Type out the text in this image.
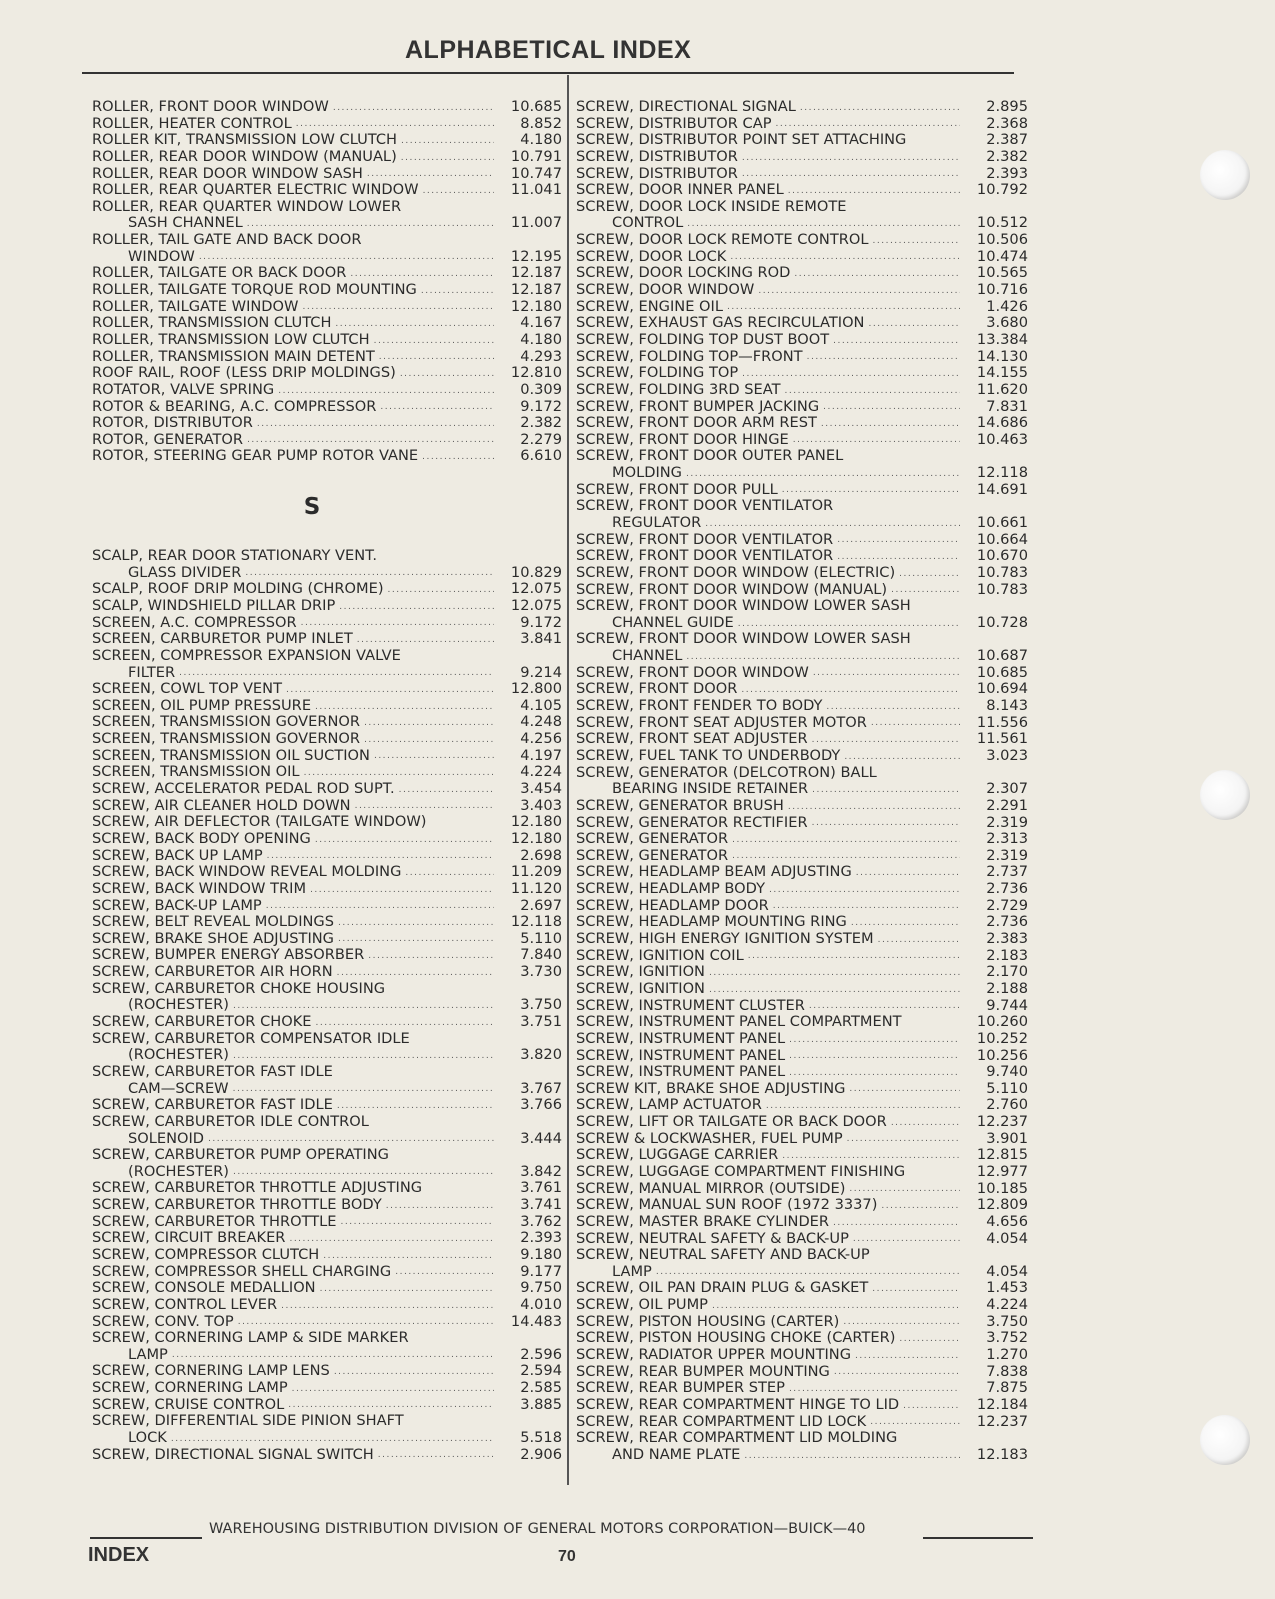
ALPHABETICAL INDEX
ROLLER, FRONT DOOR WINDOW .....	10.685
ROLLER, HEATER CONTROL .....	8.852
ROLLER KIT, TRANSMISSION LOW CLUTCH .....	4.180
ROLLER, REAR DOOR WINDOW (MANUAL) .....	10.791
ROLLER, REAR DOOR WINDOW SASH .....	10.747
ROLLER, REAR QUARTER ELECTRIC WINDOW .....	11.041
ROLLER, REAR QUARTER WINDOW LOWER
SASH CHANNEL .....	11.007
ROLLER, TAIL GATE AND BACK DOOR
WINDOW .....	12.195
ROLLER, TAILGATE OR BACK DOOR .....	12.187
ROLLER, TAILGATE TORQUE ROD MOUNTING .....	12.187
ROLLER, TAILGATE WINDOW .....	12.180
ROLLER, TRANSMISSION CLUTCH .....	4.167
ROLLER, TRANSMISSION LOW CLUTCH .....	4.180
ROLLER, TRANSMISSION MAIN DETENT .....	4.293
ROOF RAIL, ROOF (LESS DRIP MOLDINGS) .....	12.810
ROTATOR, VALVE SPRING .....	0.309
ROTOR & BEARING, A.C. COMPRESSOR .....	9.172
ROTOR, DISTRIBUTOR .....	2.382
ROTOR, GENERATOR .....	2.279
ROTOR, STEERING GEAR PUMP ROTOR VANE .....	6.610
S
SCALP, REAR DOOR STATIONARY VENT.
GLASS DIVIDER .....	10.829
SCALP, ROOF DRIP MOLDING (CHROME) .....	12.075
SCALP, WINDSHIELD PILLAR DRIP .....	12.075
SCREEN, A.C. COMPRESSOR .....	9.172
SCREEN, CARBURETOR PUMP INLET .....	3.841
SCREEN, COMPRESSOR EXPANSION VALVE
FILTER .....	9.214
SCREEN, COWL TOP VENT .....	12.800
SCREEN, OIL PUMP PRESSURE .....	4.105
SCREEN, TRANSMISSION GOVERNOR .....	4.248
SCREEN, TRANSMISSION GOVERNOR .....	4.256
SCREEN, TRANSMISSION OIL SUCTION .....	4.197
SCREEN, TRANSMISSION OIL .....	4.224
SCREW, ACCELERATOR PEDAL ROD SUPT. .....	3.454
SCREW, AIR CLEANER HOLD DOWN .....	3.403
SCREW, AIR DEFLECTOR (TAILGATE WINDOW)	12.180
SCREW, BACK BODY OPENING .....	12.180
SCREW, BACK UP LAMP .....	2.698
SCREW, BACK WINDOW REVEAL MOLDING .....	11.209
SCREW, BACK WINDOW TRIM .....	11.120
SCREW, BACK-UP LAMP .....	2.697
SCREW, BELT REVEAL MOLDINGS .....	12.118
SCREW, BRAKE SHOE ADJUSTING .....	5.110
SCREW, BUMPER ENERGY ABSORBER .....	7.840
SCREW, CARBURETOR AIR HORN .....	3.730
SCREW, CARBURETOR CHOKE HOUSING
(ROCHESTER) .....	3.750
SCREW, CARBURETOR CHOKE .....	3.751
SCREW, CARBURETOR COMPENSATOR IDLE
(ROCHESTER) .....	3.820
SCREW, CARBURETOR FAST IDLE
CAM—SCREW .....	3.767
SCREW, CARBURETOR FAST IDLE .....	3.766
SCREW, CARBURETOR IDLE CONTROL
SOLENOID .....	3.444
SCREW, CARBURETOR PUMP OPERATING
(ROCHESTER) .....	3.842
SCREW, CARBURETOR THROTTLE ADJUSTING	3.761
SCREW, CARBURETOR THROTTLE BODY .....	3.741
SCREW, CARBURETOR THROTTLE .....	3.762
SCREW, CIRCUIT BREAKER .....	2.393
SCREW, COMPRESSOR CLUTCH .....	9.180
SCREW, COMPRESSOR SHELL CHARGING .....	9.177
SCREW, CONSOLE MEDALLION .....	9.750
SCREW, CONTROL LEVER .....	4.010
SCREW, CONV. TOP .....	14.483
SCREW, CORNERING LAMP & SIDE MARKER
LAMP .....	2.596
SCREW, CORNERING LAMP LENS .....	2.594
SCREW, CORNERING LAMP .....	2.585
SCREW, CRUISE CONTROL .....	3.885
SCREW, DIFFERENTIAL SIDE PINION SHAFT
LOCK .....	5.518
SCREW, DIRECTIONAL SIGNAL SWITCH .....	2.906
SCREW, DIRECTIONAL SIGNAL .....	2.895
SCREW, DISTRIBUTOR CAP .....	2.368
SCREW, DISTRIBUTOR POINT SET ATTACHING	2.387
SCREW, DISTRIBUTOR .....	2.382
SCREW, DISTRIBUTOR .....	2.393
SCREW, DOOR INNER PANEL .....	10.792
SCREW, DOOR LOCK INSIDE REMOTE
CONTROL .....	10.512
SCREW, DOOR LOCK REMOTE CONTROL .....	10.506
SCREW, DOOR LOCK .....	10.474
SCREW, DOOR LOCKING ROD .....	10.565
SCREW, DOOR WINDOW .....	10.716
SCREW, ENGINE OIL .....	1.426
SCREW, EXHAUST GAS RECIRCULATION .....	3.680
SCREW, FOLDING TOP DUST BOOT .....	13.384
SCREW, FOLDING TOP—FRONT .....	14.130
SCREW, FOLDING TOP .....	14.155
SCREW, FOLDING 3RD SEAT .....	11.620
SCREW, FRONT BUMPER JACKING .....	7.831
SCREW, FRONT DOOR ARM REST .....	14.686
SCREW, FRONT DOOR HINGE .....	10.463
SCREW, FRONT DOOR OUTER PANEL
MOLDING .....	12.118
SCREW, FRONT DOOR PULL .....	14.691
SCREW, FRONT DOOR VENTILATOR
REGULATOR .....	10.661
SCREW, FRONT DOOR VENTILATOR .....	10.664
SCREW, FRONT DOOR VENTILATOR .....	10.670
SCREW, FRONT DOOR WINDOW (ELECTRIC) .....	10.783
SCREW, FRONT DOOR WINDOW (MANUAL) .....	10.783
SCREW, FRONT DOOR WINDOW LOWER SASH
CHANNEL GUIDE .....	10.728
SCREW, FRONT DOOR WINDOW LOWER SASH
CHANNEL .....	10.687
SCREW, FRONT DOOR WINDOW .....	10.685
SCREW, FRONT DOOR .....	10.694
SCREW, FRONT FENDER TO BODY .....	8.143
SCREW, FRONT SEAT ADJUSTER MOTOR .....	11.556
SCREW, FRONT SEAT ADJUSTER .....	11.561
SCREW, FUEL TANK TO UNDERBODY .....	3.023
SCREW, GENERATOR (DELCOTRON) BALL
BEARING INSIDE RETAINER .....	2.307
SCREW, GENERATOR BRUSH .....	2.291
SCREW, GENERATOR RECTIFIER .....	2.319
SCREW, GENERATOR .....	2.313
SCREW, GENERATOR .....	2.319
SCREW, HEADLAMP BEAM ADJUSTING .....	2.737
SCREW, HEADLAMP BODY .....	2.736
SCREW, HEADLAMP DOOR .....	2.729
SCREW, HEADLAMP MOUNTING RING .....	2.736
SCREW, HIGH ENERGY IGNITION SYSTEM .....	2.383
SCREW, IGNITION COIL .....	2.183
SCREW, IGNITION .....	2.170
SCREW, IGNITION .....	2.188
SCREW, INSTRUMENT CLUSTER .....	9.744
SCREW, INSTRUMENT PANEL COMPARTMENT	10.260
SCREW, INSTRUMENT PANEL .....	10.252
SCREW, INSTRUMENT PANEL .....	10.256
SCREW, INSTRUMENT PANEL .....	9.740
SCREW KIT, BRAKE SHOE ADJUSTING .....	5.110
SCREW, LAMP ACTUATOR .....	2.760
SCREW, LIFT OR TAILGATE OR BACK DOOR .....	12.237
SCREW & LOCKWASHER, FUEL PUMP .....	3.901
SCREW, LUGGAGE CARRIER .....	12.815
SCREW, LUGGAGE COMPARTMENT FINISHING	12.977
SCREW, MANUAL MIRROR (OUTSIDE) .....	10.185
SCREW, MANUAL SUN ROOF (1972 3337) .....	12.809
SCREW, MASTER BRAKE CYLINDER .....	4.656
SCREW, NEUTRAL SAFETY & BACK-UP .....	4.054
SCREW, NEUTRAL SAFETY AND BACK-UP
LAMP .....	4.054
SCREW, OIL PAN DRAIN PLUG & GASKET .....	1.453
SCREW, OIL PUMP .....	4.224
SCREW, PISTON HOUSING (CARTER) .....	3.750
SCREW, PISTON HOUSING CHOKE (CARTER) .....	3.752
SCREW, RADIATOR UPPER MOUNTING .....	1.270
SCREW, REAR BUMPER MOUNTING .....	7.838
SCREW, REAR BUMPER STEP .....	7.875
SCREW, REAR COMPARTMENT HINGE TO LID .....	12.184
SCREW, REAR COMPARTMENT LID LOCK .....	12.237
SCREW, REAR COMPARTMENT LID MOLDING
AND NAME PLATE .....	12.183
WAREHOUSING DISTRIBUTION DIVISION OF GENERAL MOTORS CORPORATION—BUICK—40
INDEX	70
